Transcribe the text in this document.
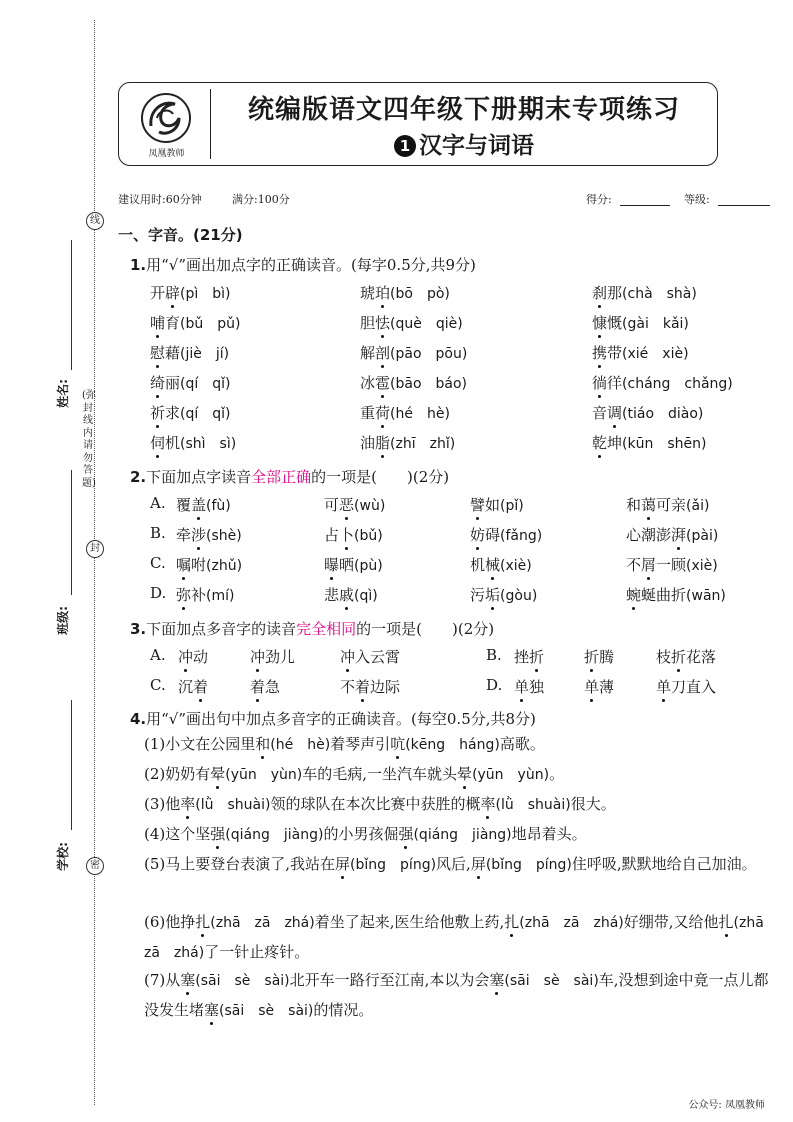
线
封
密
(弥封线内请勿答题)
姓名:
班级:
学校:
凤凰教师
统编版语文四年级下册期末专项练习
1 汉字与词语
建议用时:60分钟	满分:100分	得分:	等级:
一、字音。(21分)
1.用“√”画出加点字的正确读音。(每字0.5分,共9分)
开辟(pì　bì)	琥珀(bō　pò)	刹那(chà　shà)
哺育(bǔ　pǔ)	胆怯(què　qiè)	慷慨(gài　kǎi)
慰藉(jiè　jí)	解剖(pāo　pōu)	携带(xié　xiè)
绮丽(qí　qǐ)	冰雹(bāo　báo)	徜徉(cháng　chǎng)
祈求(qí　qǐ)	重荷(hé　hè)	音调(tiáo　diào)
伺机(shì　sì)	油脂(zhī　zhǐ)	乾坤(kūn　shēn)
2.下面加点字读音全部正确的一项是(　　)(2分)
A. 覆盖(fù)	可恶(wù)	譬如(pǐ)	和蔼可亲(ǎi)
B. 牵涉(shè)	占卜(bǔ)	妨碍(fǎng)	心潮澎湃(pài)
C. 嘱咐(zhǔ)	曝晒(pù)	机械(xiè)	不屑一顾(xiè)
D. 弥补(mí)	悲戚(qì)	污垢(gòu)	蜿蜒曲折(wān)
3.下面加点多音字的读音完全相同的一项是(　　)(2分)
A. 冲动	冲劲儿	冲入云霄	B. 挫折	折腾	枝折花落
C. 沉着	着急	不着边际	D. 单独	单薄	单刀直入
4.用“√”画出句中加点多音字的正确读音。(每空0.5分,共8分)
(1)小文在公园里和(hé　hè)着琴声引吭(kēng　háng)高歌。
(2)奶奶有晕(yūn　yùn)车的毛病,一坐汽车就头晕(yūn　yùn)。
(3)他率(lǜ　shuài)领的球队在本次比赛中获胜的概率(lǜ　shuài)很大。
(4)这个坚强(qiáng　jiàng)的小男孩倔强(qiáng　jiàng)地昂着头。
(5)马上要登台表演了,我站在屏(bǐng　píng)风后,屏(bǐng　píng)住呼吸,默默地给自己加油。
(6)他挣扎(zhā　zā　zhá)着坐了起来,医生给他敷上药,扎(zhā　zā　zhá)好绷带,又给他扎(zhā　zā　zhá)了一针止疼针。
(7)从塞(sāi　sè　sài)北开车一路行至江南,本以为会塞(sāi　sè　sài)车,没想到途中竟一点儿都没发生堵塞(sāi　sè　sài)的情况。
公众号: 凤凰教师
